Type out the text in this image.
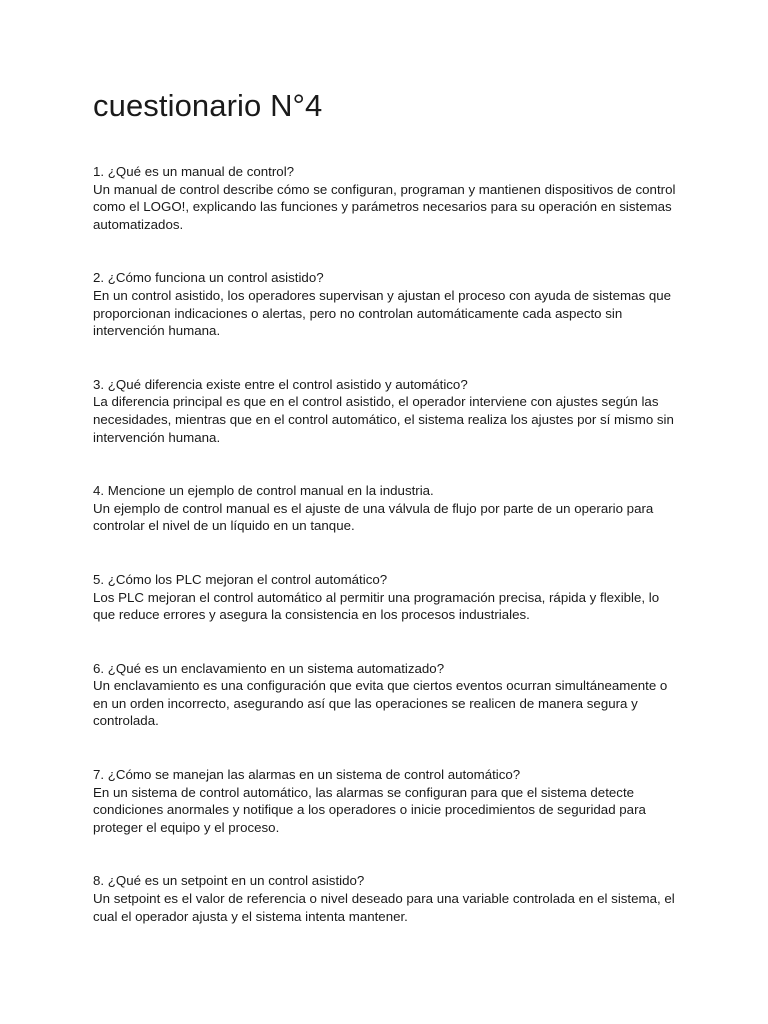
cuestionario N°4

1. ¿Qué es un manual de control?

Un manual de control describe cómo se configuran, programan y mantienen dispositivos de control como el LOGO!, explicando las funciones y parámetros necesarios para su operación en sistemas automatizados.

2. ¿Cómo funciona un control asistido?

En un control asistido, los operadores supervisan y ajustan el proceso con ayuda de sistemas que proporcionan indicaciones o alertas, pero no controlan automáticamente cada aspecto sin intervención humana.

3. ¿Qué diferencia existe entre el control asistido y automático?

La diferencia principal es que en el control asistido, el operador interviene con ajustes según las necesidades, mientras que en el control automático, el sistema realiza los ajustes por sí mismo sin intervención humana.

4. Mencione un ejemplo de control manual en la industria.

Un ejemplo de control manual es el ajuste de una válvula de flujo por parte de un operario para controlar el nivel de un líquido en un tanque.

5. ¿Cómo los PLC mejoran el control automático?

Los PLC mejoran el control automático al permitir una programación precisa, rápida y flexible, lo que reduce errores y asegura la consistencia en los procesos industriales.

6. ¿Qué es un enclavamiento en un sistema automatizado?

Un enclavamiento es una configuración que evita que ciertos eventos ocurran simultáneamente o en un orden incorrecto, asegurando así que las operaciones se realicen de manera segura y controlada.

7. ¿Cómo se manejan las alarmas en un sistema de control automático?

En un sistema de control automático, las alarmas se configuran para que el sistema detecte condiciones anormales y notifique a los operadores o inicie procedimientos de seguridad para proteger el equipo y el proceso.

8. ¿Qué es un setpoint en un control asistido?

Un setpoint es el valor de referencia o nivel deseado para una variable controlada en el sistema, el cual el operador ajusta y el sistema intenta mantener.
